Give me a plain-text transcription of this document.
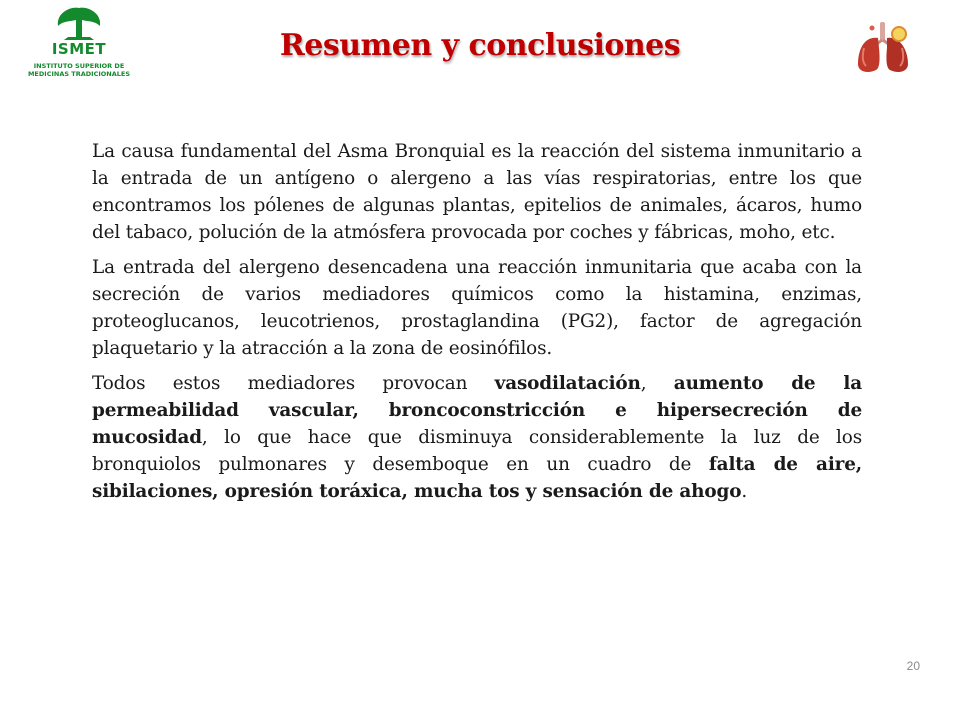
ISMET
INSTITUTO SUPERIOR DE
MEDICINAS TRADICIONALES
Resumen y conclusiones

La causa fundamental del Asma Bronquial es la reacción del sistema inmunitario a la entrada de un antígeno o alergeno a las vías respiratorias, entre los que encontramos los pólenes de algunas plantas, epitelios de animales, ácaros, humo del tabaco, polución de la atmósfera provocada por coches y fábricas, moho, etc.

La entrada del alergeno desencadena una reacción inmunitaria que acaba con la secreción de varios mediadores químicos como la histamina, enzimas, proteoglucanos, leucotrienos, prostaglandina (PG2), factor de agregación plaquetario y la atracción a la zona de eosinófilos.

Todos estos mediadores provocan vasodilatación, aumento de la permeabilidad vascular, broncoconstricción e hipersecreción de mucosidad, lo que hace que disminuya considerablemente la luz de los bronquiolos pulmonares y desemboque en un cuadro de falta de aire, sibilaciones, opresión toráxica, mucha tos y sensación de ahogo.

20
